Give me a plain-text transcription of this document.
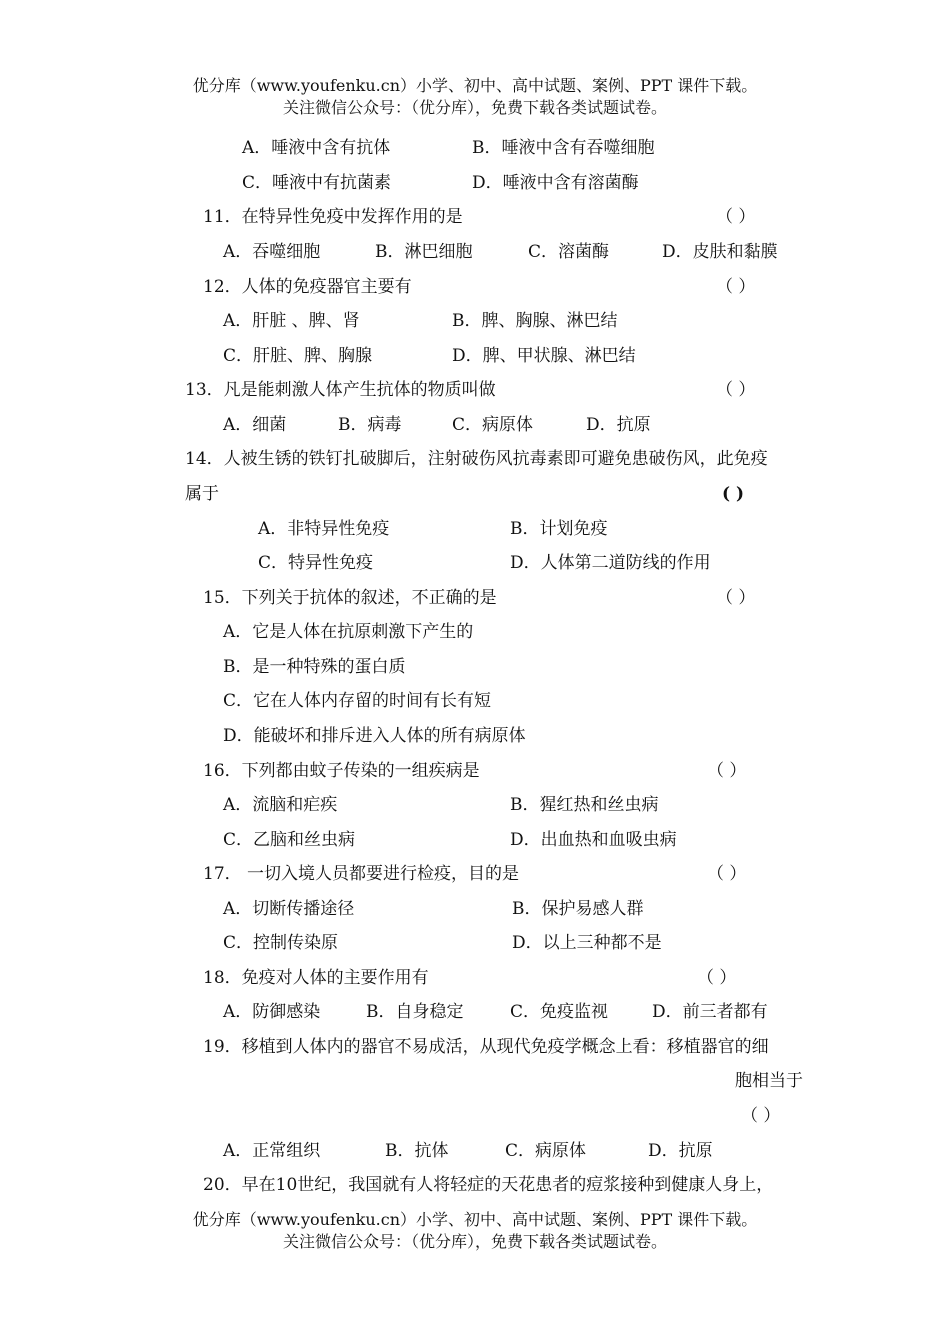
优分库（www.youfenku.cn）小学、初中、高中试题、案例、PPT 课件下载。
关注微信公众号：（优分库），免费下载各类试题试卷。
A．唾液中含有抗体	B．唾液中含有吞噬细胞
C．唾液中有抗菌素	D．唾液中含有溶菌酶
11．在特异性免疫中发挥作用的是	（ ）
A．吞噬细胞	B．淋巴细胞	C．溶菌酶	D．皮肤和黏膜
12．人体的免疫器官主要有	（ ）
A．肝脏 、脾、肾	B．脾、胸腺、淋巴结
C．肝脏、脾、胸腺	D．脾、甲状腺、淋巴结
13．凡是能刺激人体产生抗体的物质叫做	（ ）
A．细菌	B．病毒	C．病原体	D．抗原
14．人被生锈的铁钉扎破脚后，注射破伤风抗毒素即可避免患破伤风，此免疫
属于	( )
A．非特异性免疫	B．计划免疫
C．特异性免疫	D．人体第二道防线的作用
15．下列关于抗体的叙述，不正确的是	（ ）
A．它是人体在抗原刺激下产生的
B．是一种特殊的蛋白质
C．它在人体内存留的时间有长有短
D．能破坏和排斥进入人体的所有病原体
16．下列都由蚊子传染的一组疾病是	（ ）
A．流脑和疟疾	B．猩红热和丝虫病
C．乙脑和丝虫病	D．出血热和血吸虫病
17． 一切入境人员都要进行检疫，目的是	（ ）
A．切断传播途径	B．保护易感人群
C．控制传染原	D．以上三种都不是
18．免疫对人体的主要作用有	（ ）
A．防御感染	B．自身稳定	C．免疫监视	D．前三者都有
19．移植到人体内的器官不易成活，从现代免疫学概念上看：移植器官的细
胞相当于
（ ）
A．正常组织	B．抗体	C．病原体	D．抗原
20．早在10世纪，我国就有人将轻症的天花患者的痘浆接种到健康人身上，
优分库（www.youfenku.cn）小学、初中、高中试题、案例、PPT 课件下载。
关注微信公众号：（优分库），免费下载各类试题试卷。
